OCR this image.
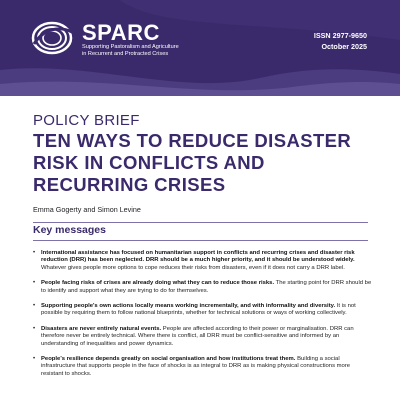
SPARC
Supporting Pastoralism and Agriculture in Recurrent and Protracted Crises
ISSN 2977-9650
October 2025
POLICY BRIEF
TEN WAYS TO REDUCE DISASTER RISK IN CONFLICTS AND RECURRING CRISES
Emma Gogerty and Simon Levine
Key messages
• International assistance has focused on humanitarian support in conflicts and recurring crises and disaster risk reduction (DRR) has been neglected. DRR should be a much higher priority, and it should be understood widely. Whatever gives people more options to cope reduces their risks from disasters, even if it does not carry a DRR label.
• People facing risks of crises are already doing what they can to reduce those risks. The starting point for DRR should be to identify and support what they are trying to do for themselves.
• Supporting people's own actions locally means working incrementally, and with informality and diversity. It is not possible by requiring them to follow national blueprints, whether for technical solutions or ways of working collectively.
• Disasters are never entirely natural events. People are affected according to their power or marginalisation. DRR can therefore never be entirely technical. Where there is conflict, all DRR must be conflict-sensitive and informed by an understanding of inequalities and power dynamics.
• People's resilience depends greatly on social organisation and how institutions treat them. Building a social infrastructure that supports people in the face of shocks is as integral to DRR as is making physical constructions more resistant to shocks.
